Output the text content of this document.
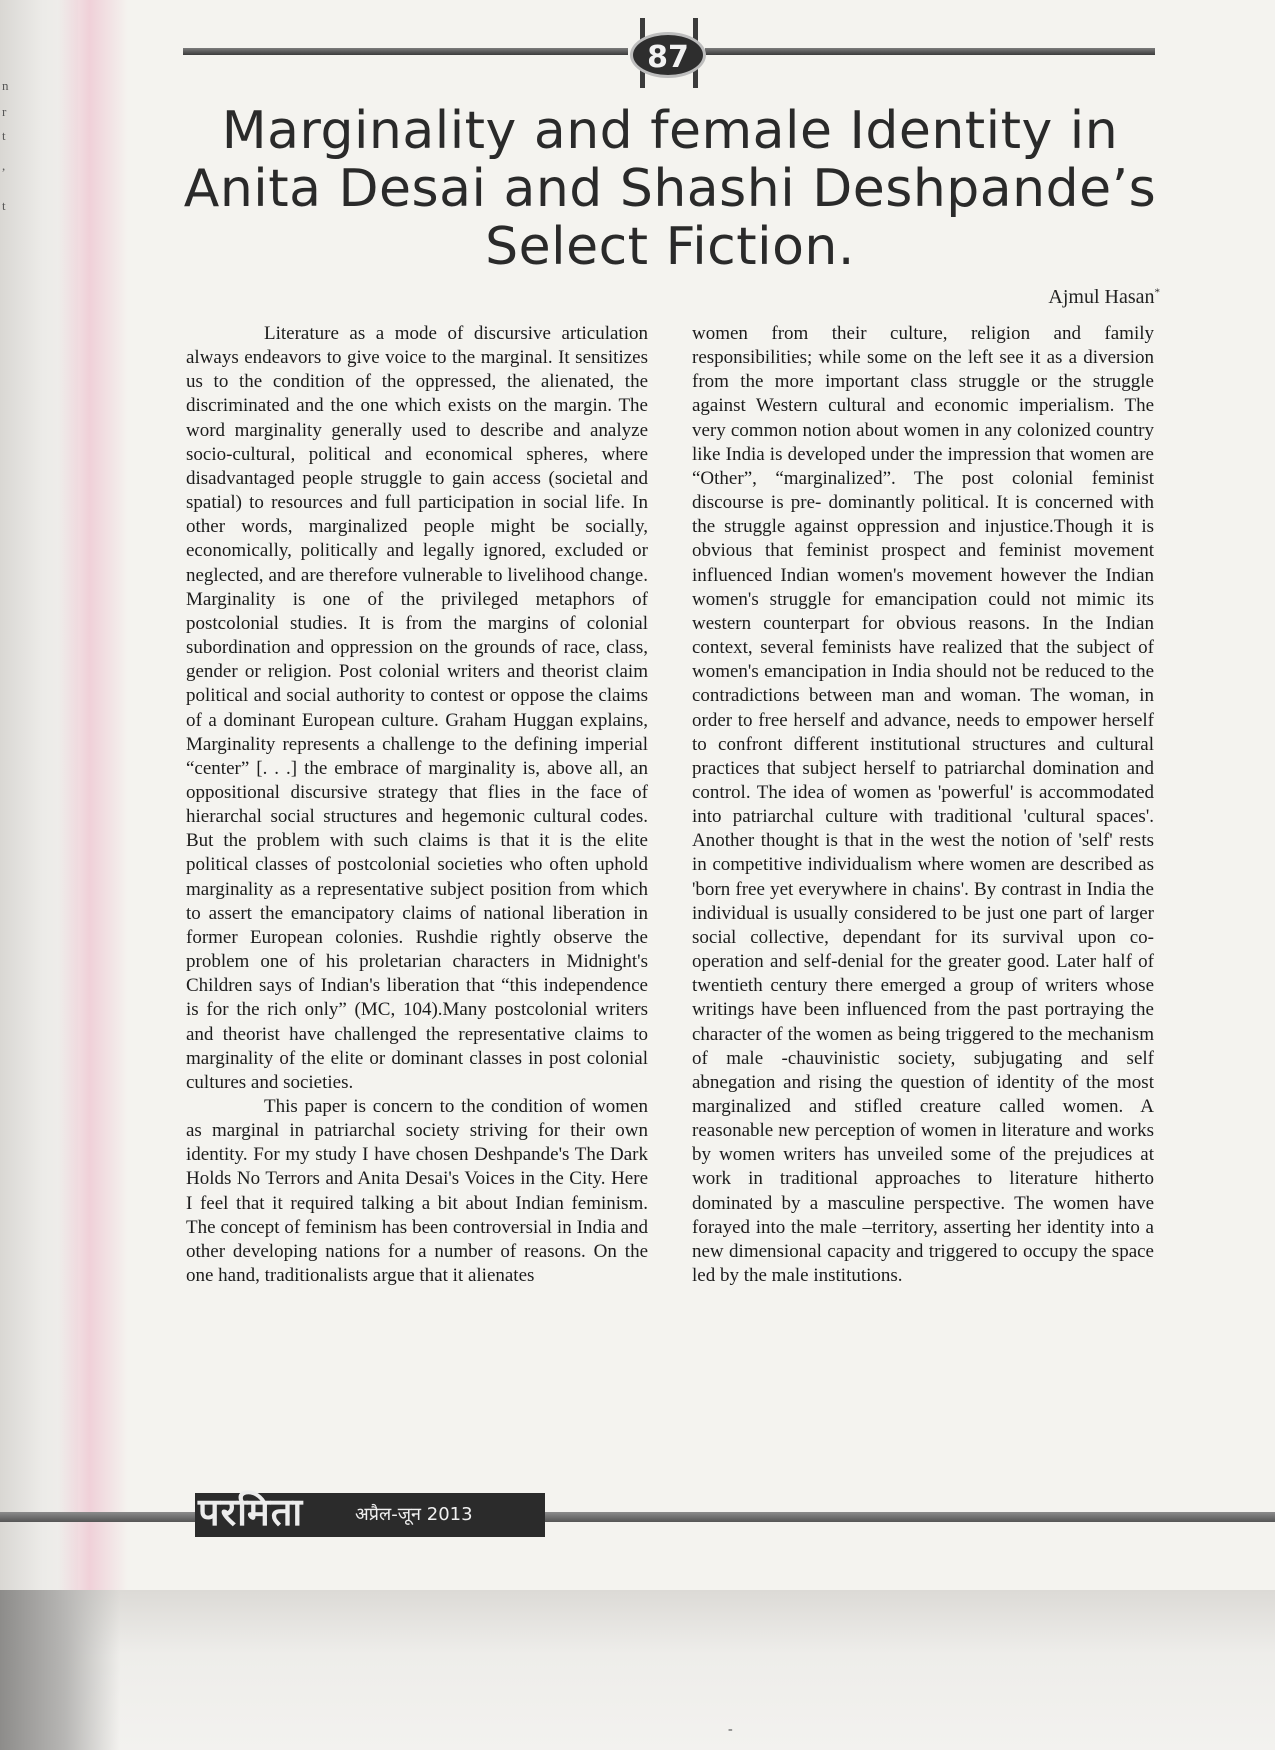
n
r
t
,
t
87
Marginality and female Identity in Anita Desai and Shashi Deshpande’s Select Fiction.
Ajmul Hasan*

Literature as a mode of discursive articulation always endeavors to give voice to the marginal. It sensitizes us to the condition of the oppressed, the alienated, the discriminated and the one which exists on the margin. The word marginality generally used to describe and analyze socio-cultural, political and economical spheres, where disadvantaged people struggle to gain access (societal and spatial) to resources and full participation in social life. In other words, marginalized people might be socially, economically, politically and legally ignored, excluded or neglected, and are therefore vulnerable to livelihood change. Marginality is one of the privileged metaphors of postcolonial studies. It is from the margins of colonial subordination and oppression on the grounds of race, class, gender or religion. Post colonial writers and theorist claim political and social authority to contest or oppose the claims of a dominant European culture. Graham Huggan explains, Marginality represents a challenge to the defining imperial “center” [. . .] the embrace of marginality is, above all, an oppositional discursive strategy that flies in the face of hierarchal social structures and hegemonic cultural codes. But the problem with such claims is that it is the elite political classes of postcolonial societies who often uphold marginality as a representative subject position from which to assert the emancipatory claims of national liberation in former European colonies. Rushdie rightly observe the problem one of his proletarian characters in Midnight's Children says of Indian's liberation that “this independence is for the rich only” (MC, 104).Many postcolonial writers and theorist have challenged the representative claims to marginality of the elite or dominant classes in post colonial cultures and societies.

This paper is concern to the condition of women as marginal in patriarchal society striving for their own identity. For my study I have chosen Deshpande's The Dark Holds No Terrors and Anita Desai's Voices in the City. Here I feel that it required talking a bit about Indian feminism. The concept of feminism has been controversial in India and other developing nations for a number of reasons. On the one hand, traditionalists argue that it alienates

women from their culture, religion and family responsibilities; while some on the left see it as a diversion from the more important class struggle or the struggle against Western cultural and economic imperialism. The very common notion about women in any colonized country like India is developed under the impression that women are “Other”, “marginalized”. The post colonial feminist discourse is pre- dominantly political. It is concerned with the struggle against oppression and injustice.Though it is obvious that feminist prospect and feminist movement influenced Indian women's movement however the Indian women's struggle for emancipation could not mimic its western counterpart for obvious reasons. In the Indian context, several feminists have realized that the subject of women's emancipation in India should not be reduced to the contradictions between man and woman. The woman, in order to free herself and advance, needs to empower herself to confront different institutional structures and cultural practices that subject herself to patriarchal domination and control. The idea of women as 'powerful' is accommodated into patriarchal culture with traditional 'cultural spaces'. Another thought is that in the west the notion of 'self' rests in competitive individualism where women are described as 'born free yet everywhere in chains'. By contrast in India the individual is usually considered to be just one part of larger social collective, dependant for its survival upon co-operation and self-denial for the greater good. Later half of twentieth century there emerged a group of writers whose writings have been influenced from the past portraying the character of the women as being triggered to the mechanism of male -chauvinistic society, subjugating and self abnegation and rising the question of identity of the most marginalized and stifled creature called women. A reasonable new perception of women in literature and works by women writers has unveiled some of the prejudices at work in traditional approaches to literature hitherto dominated by a masculine perspective. The women have forayed into the male –territory, asserting her identity into a new dimensional capacity and triggered to occupy the space led by the male institutions.

परमिता	अप्रैल-जून 2013
-
